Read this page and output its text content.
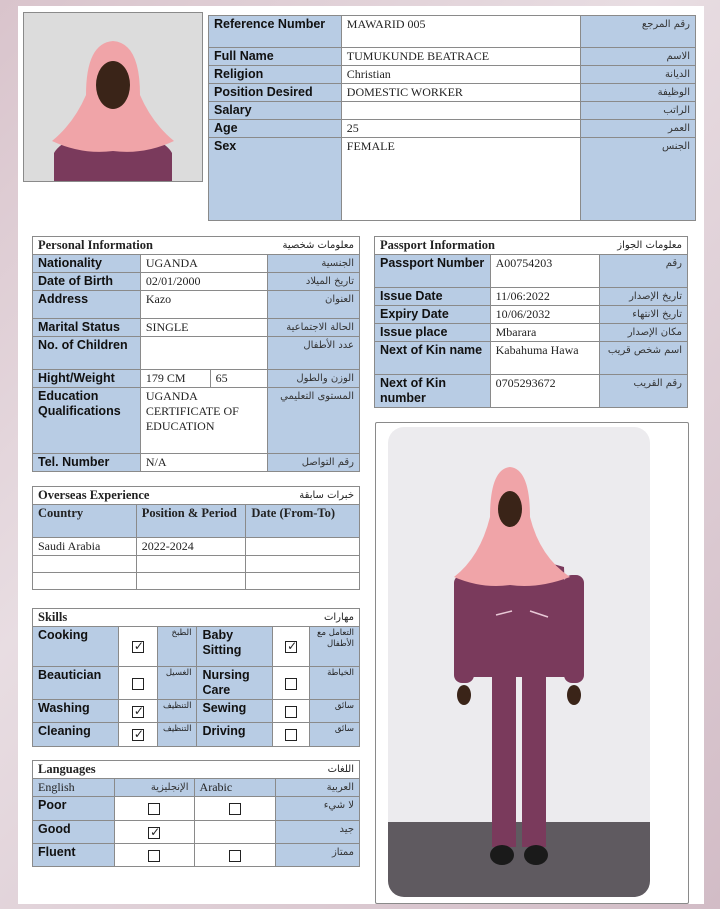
Reference Number	MAWARID 005	رقم المرجع
Full Name	TUMUKUNDE BEATRACE	الاسم
Religion	Christian	الديانة
Position Desired	DOMESTIC WORKER	الوظيفة
Salary		الراتب
Age	25	العمر
Sex	FEMALE	الجنس
Personal Information معلومات شخصية			

Nationality	UGANDA		الجنسية
Date of Birth	02/01/2000		تاريخ الميلاد
Address	Kazo		العنوان
Marital Status	SINGLE		الحالة الاجتماعية
No. of Children			عدد الأطفال
Hight/Weight	179 CM	65	الوزن والطول
Education Qualifications	UGANDA CERTIFICATE OF EDUCATION		المستوى التعليمي
Tel. Number	N/A		رقم التواصل
Passport Information معلومات الجواز		

Passport Number	A00754203	رقم
Issue Date	11/06:2022	تاريخ الإصدار
Expiry Date	10/06/2032	تاريخ الانتهاء
Issue place	Mbarara	مكان الإصدار
Next of Kin name	Kabahuma Hawa	اسم شخص قريب
Next of Kin number	0705293672	رقم القريب
Overseas Experience خبرات سابقة		

Country	Position & Period	Date (From-To)
Saudi Arabia	2022-2024	

Skills مهارات					

Cooking	✓	الطبخ	Baby Sitting	✓	التعامل مع الأطفال
Beautician		الغسيل	Nursing Care		الخياطة
Washing	✓	التنظيف	Sewing		سائق
Cleaning	✓	التنظيف	Driving		سائق
Languages اللغات			

English	الإنجليزية	Arabic	العربية
Poor			لا شيء
Good	✓		جيد
Fluent			ممتاز
